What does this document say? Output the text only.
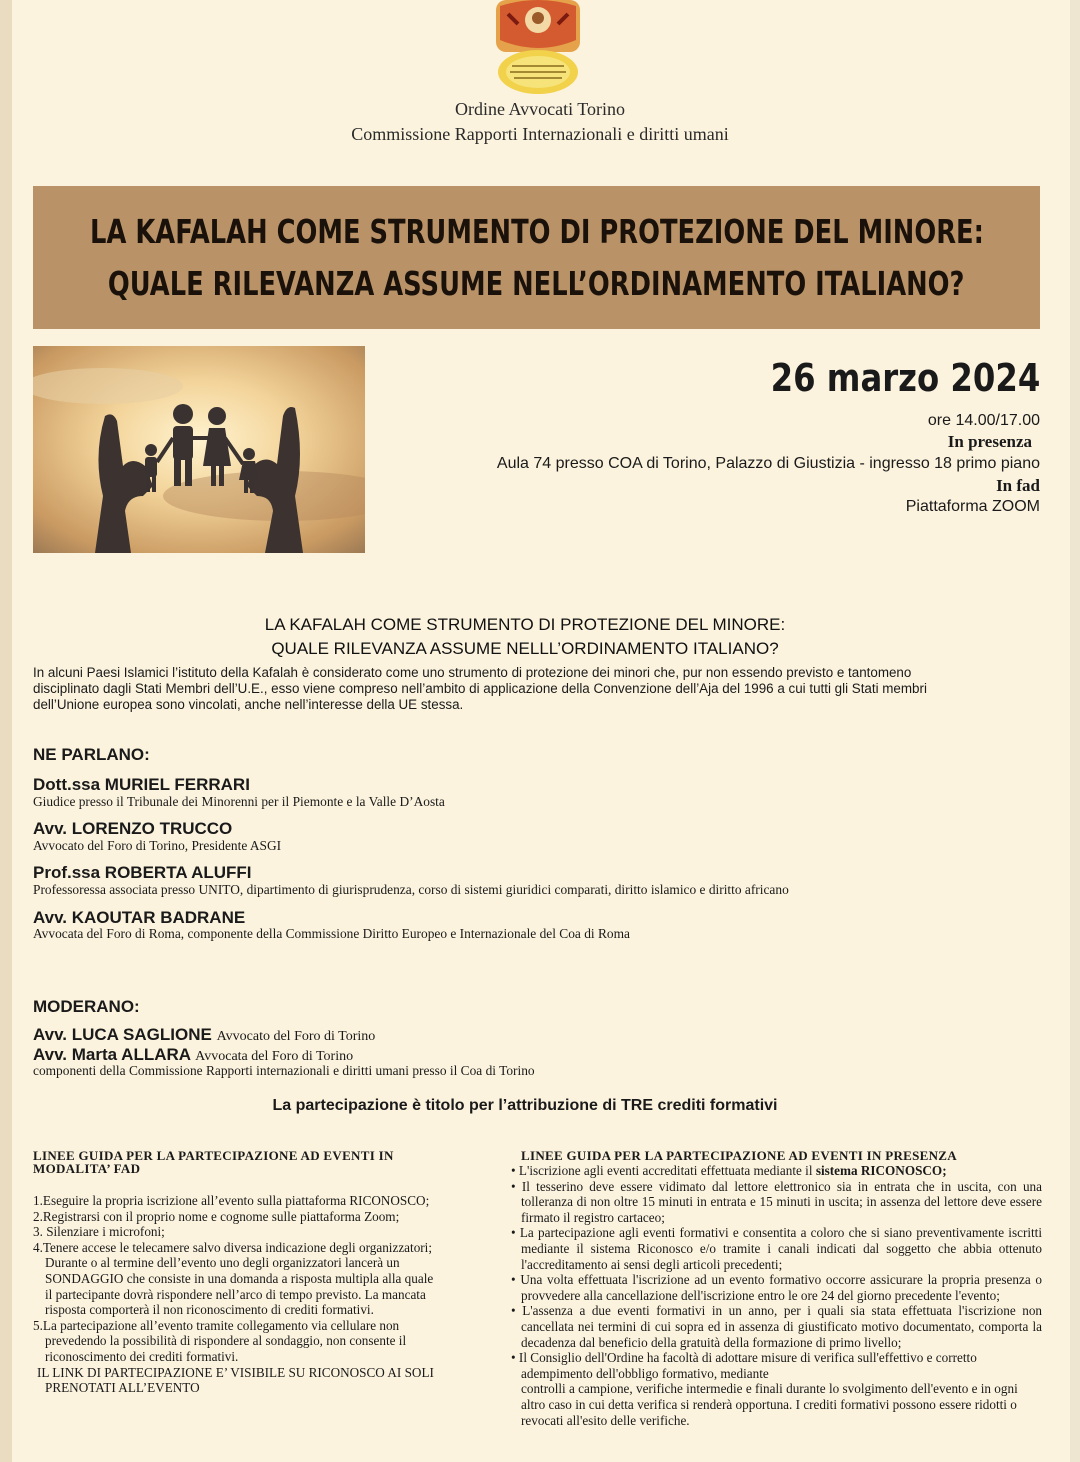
Ordine Avvocati Torino
Commissione Rapporti Internazionali e diritti umani
LA KAFALAH COME STRUMENTO DI PROTEZIONE DEL MINORE:
QUALE RILEVANZA ASSUME NELL’ORDINAMENTO ITALIANO?
26 marzo 2024
ore 14.00/17.00
In presenza
Aula 74 presso COA di Torino, Palazzo di Giustizia - ingresso 18 primo piano
In fad
Piattaforma ZOOM
LA KAFALAH COME STRUMENTO DI PROTEZIONE DEL MINORE:
QUALE RILEVANZA ASSUME NELLL’ORDINAMENTO ITALIANO?
In alcuni Paesi Islamici l’istituto della Kafalah è considerato come uno strumento di protezione dei minori che, pur non essendo previsto e tantomeno
disciplinato dagli Stati Membri dell’U.E., esso viene compreso nell’ambito di applicazione della Convenzione dell’Aja del 1996 a cui tutti gli Stati membri
dell’Unione europea sono vincolati, anche nell’interesse della UE stessa.
NE PARLANO:
Dott.ssa MURIEL FERRARI
Giudice presso il Tribunale dei Minorenni per il Piemonte e la Valle D’Aosta
Avv. LORENZO TRUCCO
Avvocato del Foro di Torino, Presidente ASGI
Prof.ssa ROBERTA ALUFFI
Professoressa associata presso UNITO, dipartimento di giurisprudenza, corso di sistemi giuridici comparati, diritto islamico e diritto africano
Avv. KAOUTAR BADRANE
Avvocata del Foro di Roma, componente della Commissione Diritto Europeo e Internazionale del Coa di Roma
MODERANO:
Avv. LUCA SAGLIONE Avvocato del Foro di Torino
Avv. Marta ALLARA Avvocata del Foro di Torino
componenti della Commissione Rapporti internazionali e diritti umani presso il Coa di Torino
La partecipazione è titolo per l’attribuzione di TRE crediti formativi
LINEE GUIDA PER LA PARTECIPAZIONE AD EVENTI IN
MODALITA’ FAD

1.Eseguire la propria iscrizione all’evento sulla piattaforma RICONOSCO;

2.Registrarsi con il proprio nome e cognome sulle piattaforma Zoom;

3. Silenziare i microfoni;

4.Tenere accese le telecamere salvo diversa indicazione degli organizzatori;

Durante o al termine dell’evento uno degli organizzatori lancerà un

SONDAGGIO che consiste in una domanda a risposta multipla alla quale

il partecipante dovrà rispondere nell’arco di tempo previsto. La mancata

risposta comporterà il non riconoscimento di crediti formativi.

5.La partecipazione all’evento tramite collegamento via cellulare non

prevedendo la possibilità di rispondere al sondaggio, non consente il

riconoscimento dei crediti formativi.

IL LINK DI PARTECIPAZIONE E’ VISIBILE SU RICONOSCO AI SOLI

PRENOTATI ALL’EVENTO

LINEE GUIDA PER LA PARTECIPAZIONE AD EVENTI IN PRESENZA

• L'iscrizione agli eventi accreditati effettuata mediante il sistema RICONOSCO;

• Il tesserino deve essere vidimato dal lettore elettronico sia in entrata che in uscita, con una tolleranza di non oltre 15 minuti in entrata e 15 minuti in uscita; in assenza del lettore deve essere firmato il registro cartaceo;

• La partecipazione agli eventi formativi e consentita a coloro che si siano preventivamente iscritti mediante il sistema Riconosco e/o tramite i canali indicati dal soggetto che abbia ottenuto l'accreditamento ai sensi degli articoli precedenti;

• Una volta effettuata l'iscrizione ad un evento formativo occorre assicurare la propria presenza o provvedere alla cancellazione dell'iscrizione entro le ore 24 del giorno precedente l'evento;

• L'assenza a due eventi formativi in un anno, per i quali sia stata effettuata l'iscrizione non cancellata nei termini di cui sopra ed in assenza di giustificato motivo documentato, comporta la decadenza dal beneficio della gratuità della formazione di primo livello;

• Il Consiglio dell'Ordine ha facoltà di adottare misure di verifica sull'effettivo e corretto adempimento dell'obbligo formativo, mediante

controlli a campione, verifiche intermedie e finali durante lo svolgimento dell'evento e in ogni altro caso in cui detta verifica si renderà opportuna. I crediti formativi possono essere ridotti o revocati all'esito delle verifiche.
